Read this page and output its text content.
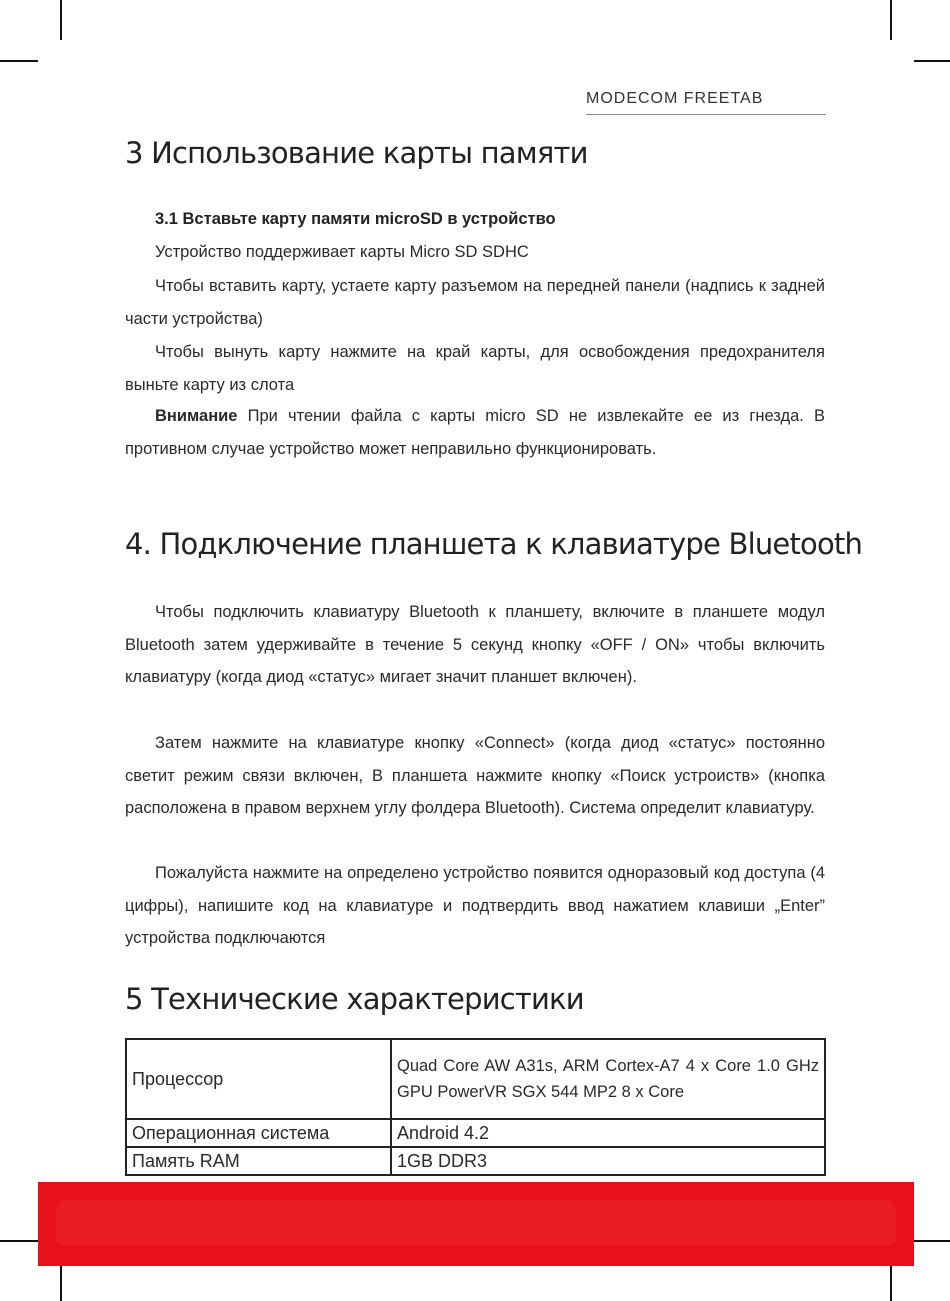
MODECOM FREETAB
3 Использование карты памяти
3.1 Вставьте карту памяти microSD в устройство
Устройство поддерживает карты Micro SD SDHC
Чтобы вставить карту, устаете карту разъемом на передней панели (надпись к задней части устройства)
Чтобы вынуть карту нажмите на край карты, для освобождения предохранителя выньте карту из слота
Внимание При чтении файла с карты micro SD не извлекайте ее из гнезда. В противном случае устройство может неправильно функционировать.
4. Подключение планшета к клавиатуре Bluetooth
Чтобы подключить клавиатуру Bluetooth к планшету, включите в планшете модул Bluetooth затем удерживайте в течение 5 секунд кнопку «OFF / ON» чтобы включить клавиатуру (когда диод «статус» мигает значит планшет включен).
Затем нажмите на клавиатуре кнопку «Connect» (когда диод «статус» постоянно светит режим связи включен, В планшета нажмите кнопку «Поиск устроиств» (кнопка расположена в правом верхнем углу фолдера Bluetooth). Система определит клавиатуру.
Пожалуйста нажмите на определено устройство появится одноразовый код доступа (4 цифры), напишите код на клавиатуре и подтвердить ввод нажатием клавиши „Enter” устройства подключаются
5 Технические характеристики
Процессор	Quad Core AW A31s, ARM Cortex-A7 4 x Core 1.0 GHz GPU PowerVR SGX 544 MP2 8 x Core
Операционная система	Android 4.2
Память RAM	1GB DDR3
